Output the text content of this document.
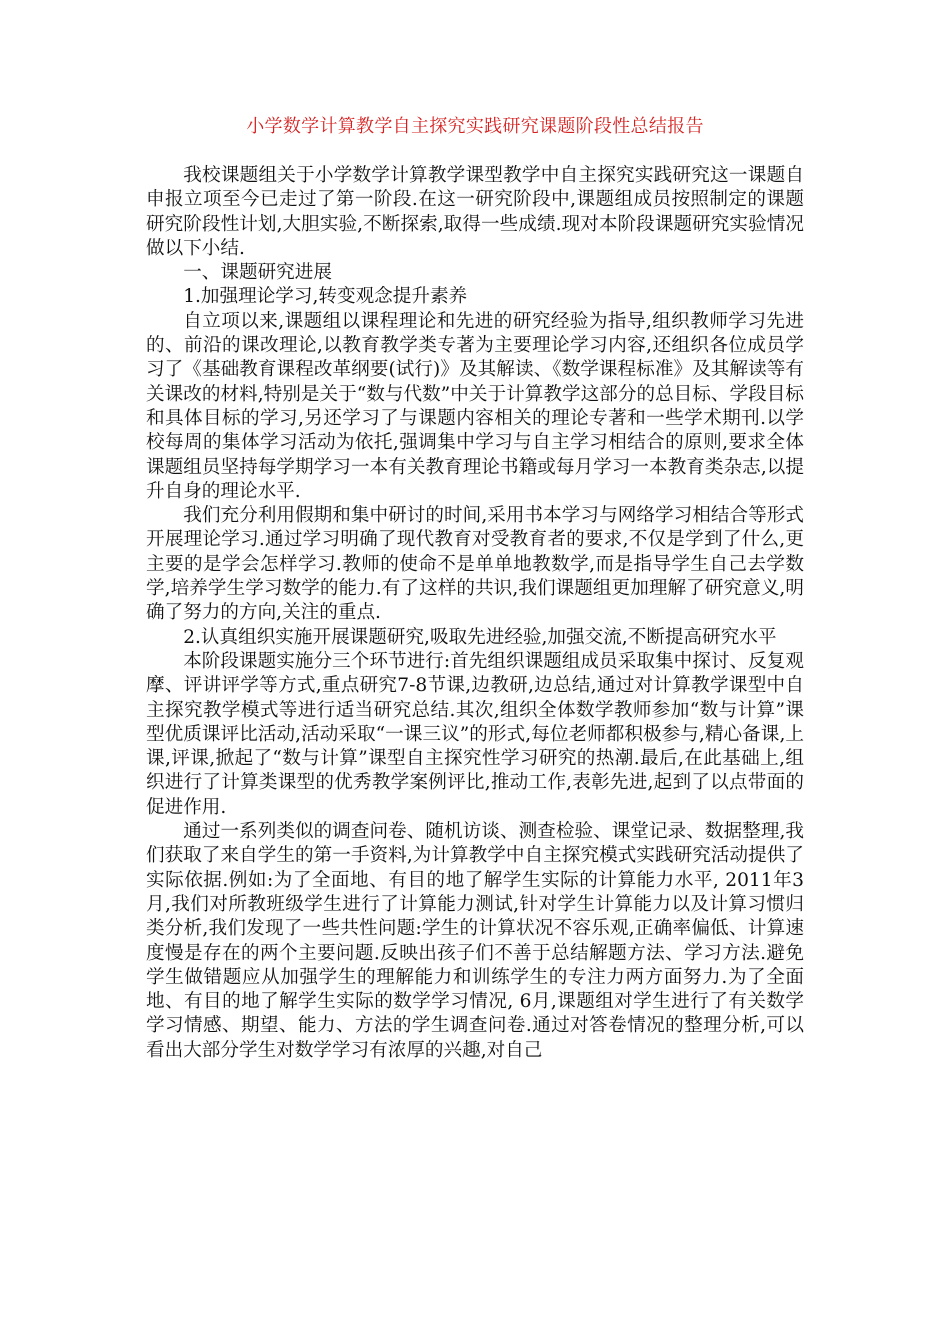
小学数学计算教学自主探究实践研究课题阶段性总结报告

我校课题组关于小学数学计算教学课型教学中自主探究实践研究这一课题自申报立项至今已走过了第一阶段.在这一研究阶段中,课题组成员按照制定的课题研究阶段性计划,大胆实验,不断探索,取得一些成绩.现对本阶段课题研究实验情况做以下小结.

一、课题研究进展

1.加强理论学习,转变观念提升素养

自立项以来,课题组以课程理论和先进的研究经验为指导,组织教师学习先进的、前沿的课改理论,以教育教学类专著为主要理论学习内容,还组织各位成员学习了《基础教育课程改革纲要(试行)》及其解读、《数学课程标准》及其解读等有关课改的材料,特别是关于“数与代数”中关于计算教学这部分的总目标、学段目标和具体目标的学习,另还学习了与课题内容相关的理论专著和一些学术期刊.以学校每周的集体学习活动为依托,强调集中学习与自主学习相结合的原则,要求全体课题组员坚持每学期学习一本有关教育理论书籍或每月学习一本教育类杂志,以提升自身的理论水平.

我们充分利用假期和集中研讨的时间,采用书本学习与网络学习相结合等形式开展理论学习.通过学习明确了现代教育对受教育者的要求,不仅是学到了什么,更主要的是学会怎样学习.教师的使命不是单单地教数学,而是指导学生自己去学数学,培养学生学习数学的能力.有了这样的共识,我们课题组更加理解了研究意义,明确了努力的方向,关注的重点.

2.认真组织实施开展课题研究,吸取先进经验,加强交流,不断提高研究水平

本阶段课题实施分三个环节进行:首先组织课题组成员采取集中探讨、反复观摩、评讲评学等方式,重点研究7-8节课,边教研,边总结,通过对计算教学课型中自主探究教学模式等进行适当研究总结.其次,组织全体数学教师参加“数与计算”课型优质课评比活动,活动采取“一课三议”的形式,每位老师都积极参与,精心备课,上课,评课,掀起了“数与计算”课型自主探究性学习研究的热潮.最后,在此基础上,组织进行了计算类课型的优秀教学案例评比,推动工作,表彰先进,起到了以点带面的促进作用.

通过一系列类似的调查问卷、随机访谈、测查检验、课堂记录、数据整理,我们获取了来自学生的第一手资料,为计算教学中自主探究模式实践研究活动提供了实际依据.例如:为了全面地、有目的地了解学生实际的计算能力水平, 2011年3月,我们对所教班级学生进行了计算能力测试,针对学生计算能力以及计算习惯归类分析,我们发现了一些共性问题:学生的计算状况不容乐观,正确率偏低、计算速度慢是存在的两个主要问题.反映出孩子们不善于总结解题方法、学习方法.避免学生做错题应从加强学生的理解能力和训练学生的专注力两方面努力.为了全面地、有目的地了解学生实际的数学学习情况, 6月,课题组对学生进行了有关数学学习情感、期望、能力、方法的学生调查问卷.通过对答卷情况的整理分析,可以看出大部分学生对数学学习有浓厚的兴趣,对自己
